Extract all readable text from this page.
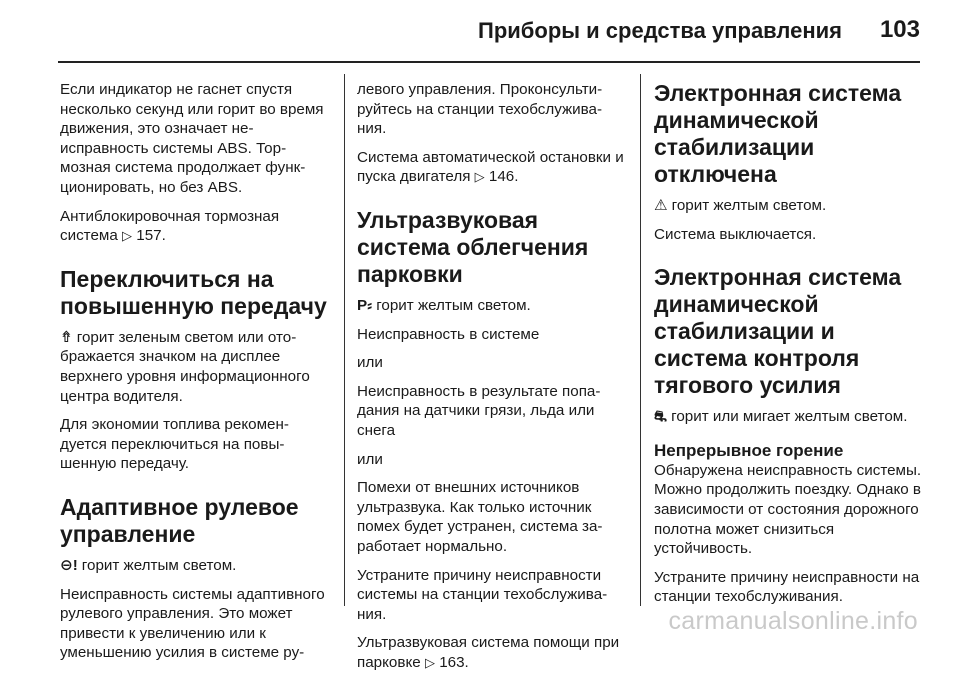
Приборы и средства управления 103

Если индикатор не гаснет спустя несколько секунд или горит во время движения, это означает неисправность системы ABS. Тормозная система продолжает функционировать, но без ABS.

Антиблокировочная тормозная система ▷ 157.

Переключиться на повышенную передачу

⇮ горит зеленым светом или отображается значком на дисплее верхнего уровня информационного центра водителя.

Для экономии топлива рекомендуется переключиться на повышенную передачу.

Адаптивное рулевое управление

⊖! горит желтым светом.

Неисправность системы адаптивного рулевого управления. Это может привести к увеличению или к уменьшению усилия в системе ру-

левого управления. Проконсультируйтесь на станции техобслуживания.

Система автоматической остановки и пуска двигателя ▷ 146.

Ультразвуковая система облегчения парковки

P⸗ горит желтым светом.

Неисправность в системе

или

Неисправность в результате попадания на датчики грязи, льда или снега

или

Помехи от внешних источников ультразвука. Как только источник помех будет устранен, система заработает нормально.

Устраните причину неисправности системы на станции техобслуживания.

Ультразвуковая система помощи при парковке ▷ 163.

Электронная система динамической стабилизации отключена

⚠ горит желтым светом.

Система выключается.

Электронная система динамической стабилизации и система контроля тягового усилия

⛐ горит или мигает желтым светом.

Непрерывное горение

Обнаружена неисправность системы. Можно продолжить поездку. Однако в зависимости от состояния дорожного полотна может снизиться устойчивость.

Устраните причину неисправности на станции техобслуживания.

carmanualsonline.info
